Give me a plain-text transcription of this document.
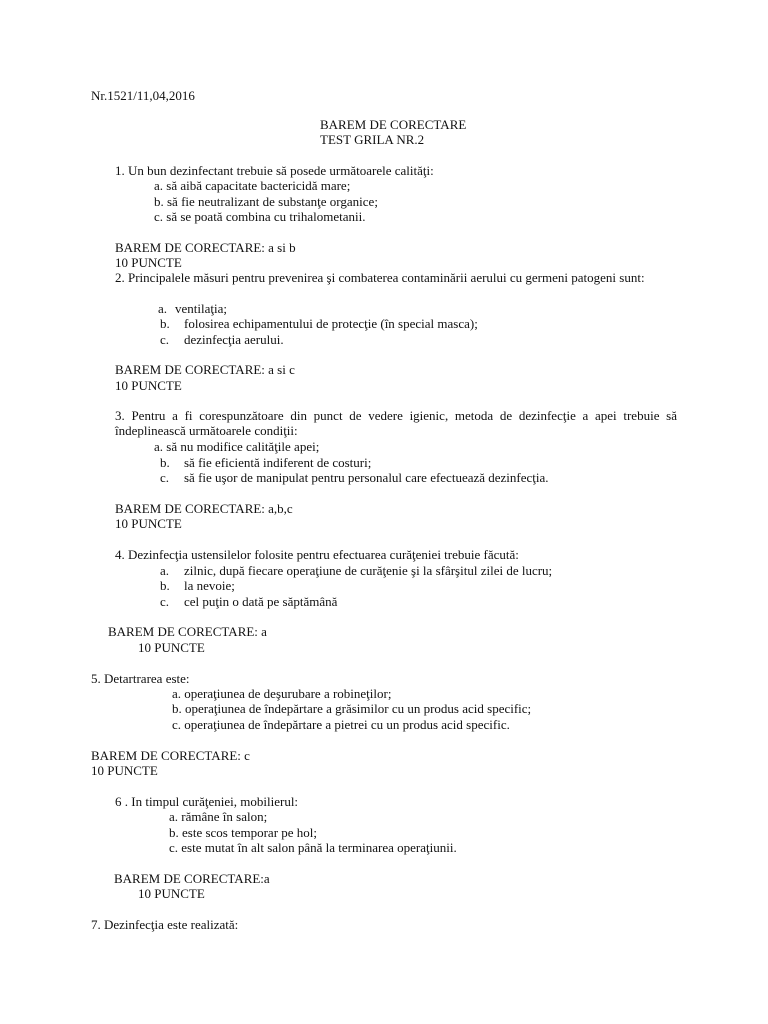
Nr.1521/11,04,2016
BAREM DE CORECTARE
TEST GRILA NR.2
1. Un bun dezinfectant trebuie să posede următoarele calităţi:
a. să aibă capacitate bactericidă mare;
b. să fie neutralizant de substanţe organice;
c. să se poată combina cu trihalometanii.
BAREM DE CORECTARE: a si b
10 PUNCTE
2. Principalele măsuri pentru prevenirea şi combaterea contaminării aerului cu germeni patogeni sunt:
a. ventilaţia;
b. folosirea echipamentului de protecţie (în special masca);
c. dezinfecţia aerului.
BAREM DE CORECTARE: a si c
10 PUNCTE
3. Pentru a fi corespunzătoare din punct de vedere igienic, metoda de dezinfecţie a apei trebuie să îndeplinească următoarele condiţii:
a. să nu modifice calităţile apei;
b. să fie eficientă indiferent de costuri;
c. să fie uşor de manipulat pentru personalul care efectuează dezinfecţia.
BAREM DE CORECTARE: a,b,c
10 PUNCTE
4. Dezinfecţia ustensilelor folosite pentru efectuarea curăţeniei trebuie făcută:
a. zilnic, după fiecare operaţiune de curăţenie şi la sfârşitul zilei de lucru;
b. la nevoie;
c. cel puţin o dată pe săptămână
BAREM DE CORECTARE: a
10 PUNCTE
5. Detartrarea este:
a. operaţiunea de deşurubare a robineţilor;
b. operaţiunea de îndepărtare a grăsimilor cu un produs acid specific;
c. operaţiunea de îndepărtare a pietrei cu un produs acid specific.
BAREM DE CORECTARE: c
10 PUNCTE
6 . In timpul curăţeniei, mobilierul:
a. rămâne în salon;
b. este scos temporar pe hol;
c. este mutat în alt salon până la terminarea operaţiunii.
BAREM DE CORECTARE:a
10 PUNCTE
7. Dezinfecţia este realizată:
